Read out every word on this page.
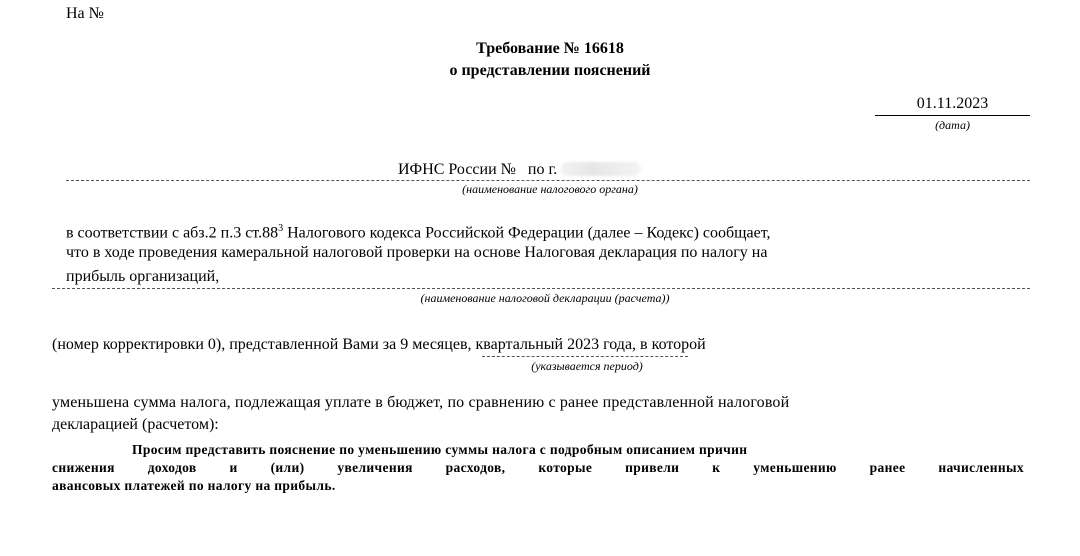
На №
Требование № 16618
о представлении пояснений
01.11.2023
(дата)
ИФНС России № по г.
(наименование налогового органа)
в соответствии с абз.2 п.3 $ст.88^3$ Налогового кодекса Российской Федерации (далее – Кодекс) сообщает,
что в ходе проведения камеральной налоговой проверки на основе Налоговая декларация по налогу на
прибыль организаций,
(наименование налоговой декларации (расчета))
(номер корректировки 0), представленной Вами за 9 месяцев, квартальный 2023 года, в которой
(указывается период)
уменьшена сумма налога, подлежащая уплате в бюджет, по сравнению с ранее представленной налоговой
декларацией (расчетом):
Просим представить пояснение по уменьшению суммы налога с подробным описанием причин
снижения доходов и (или) увеличения расходов, которые привели к уменьшению ранее начисленных
авансовых платежей по налогу на прибыль.
